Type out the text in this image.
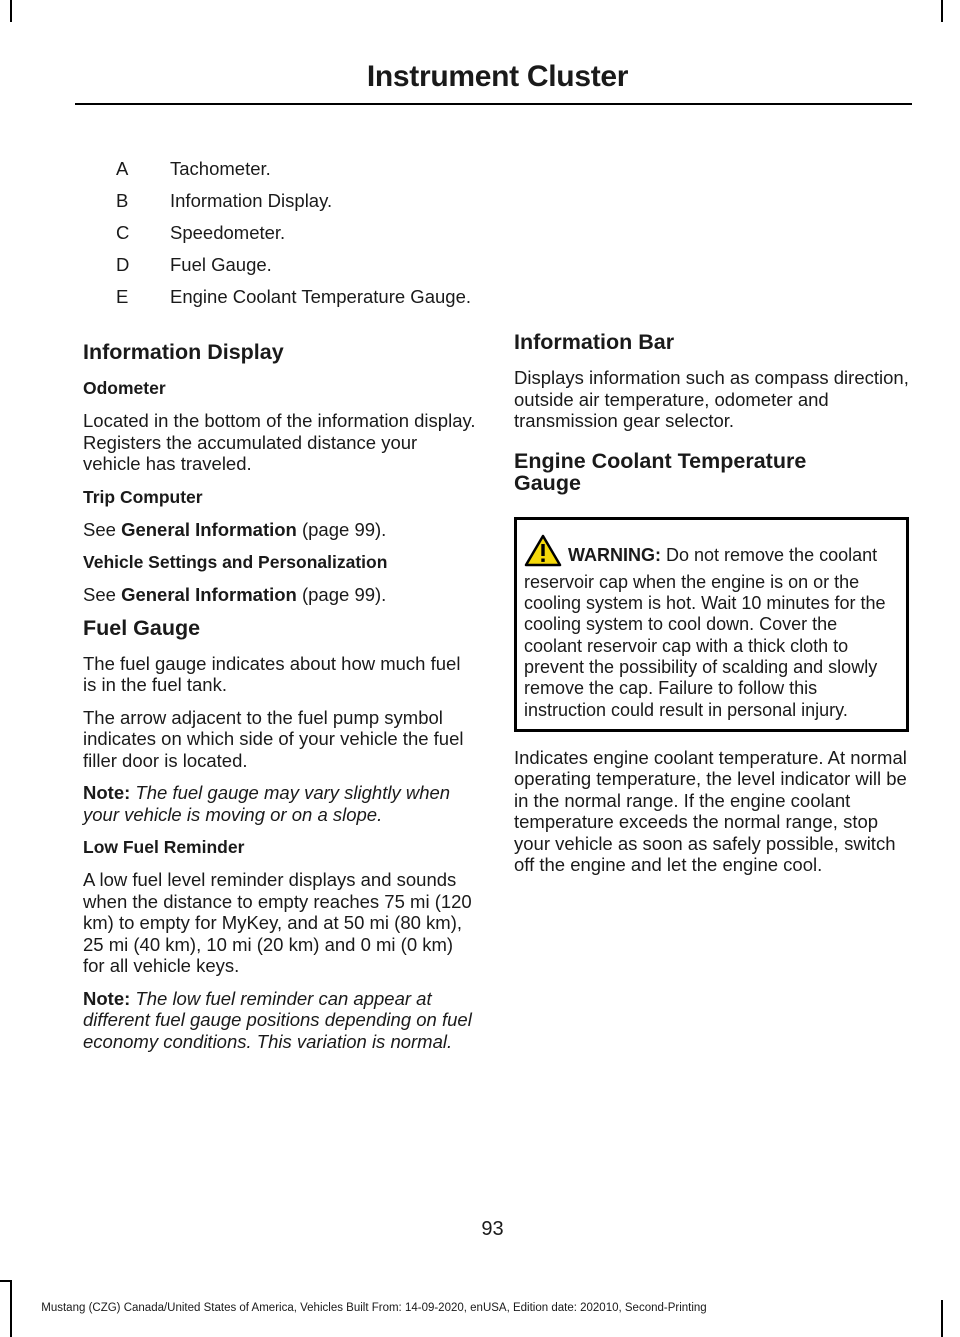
Instrument Cluster
A	Tachometer.
B	Information Display.
C	Speedometer.
D	Fuel Gauge.
E	Engine Coolant Temperature Gauge.
Information Display
Odometer

Located in the bottom of the information display. Registers the accumulated distance your vehicle has traveled.

Trip Computer

See General Information (page 99).

Vehicle Settings and Personalization

See General Information (page 99).

Fuel Gauge

The fuel gauge indicates about how much fuel is in the fuel tank.

The arrow adjacent to the fuel pump symbol indicates on which side of your vehicle the fuel filler door is located.

Note: The fuel gauge may vary slightly when your vehicle is moving or on a slope.

Low Fuel Reminder

A low fuel level reminder displays and sounds when the distance to empty reaches 75 mi (120 km) to empty for MyKey, and at 50 mi (80 km), 25 mi (40 km), 10 mi (20 km) and 0 mi (0 km) for all vehicle keys.

Note: The low fuel reminder can appear at different fuel gauge positions depending on fuel economy conditions. This variation is normal.

Information Bar

Displays information such as compass direction, outside air temperature, odometer and transmission gear selector.

Engine Coolant Temperature Gauge
WARNING: Do not remove the coolant reservoir cap when the engine is on or the cooling system is hot. Wait 10 minutes for the cooling system to cool down. Cover the coolant reservoir cap with a thick cloth to prevent the possibility of scalding and slowly remove the cap. Failure to follow this instruction could result in personal injury.

Indicates engine coolant temperature. At normal operating temperature, the level indicator will be in the normal range. If the engine coolant temperature exceeds the normal range, stop your vehicle as soon as safely possible, switch off the engine and let the engine cool.

93
Mustang (CZG) Canada/United States of America, Vehicles Built From: 14-09-2020, enUSA, Edition date: 202010, Second-Printing
